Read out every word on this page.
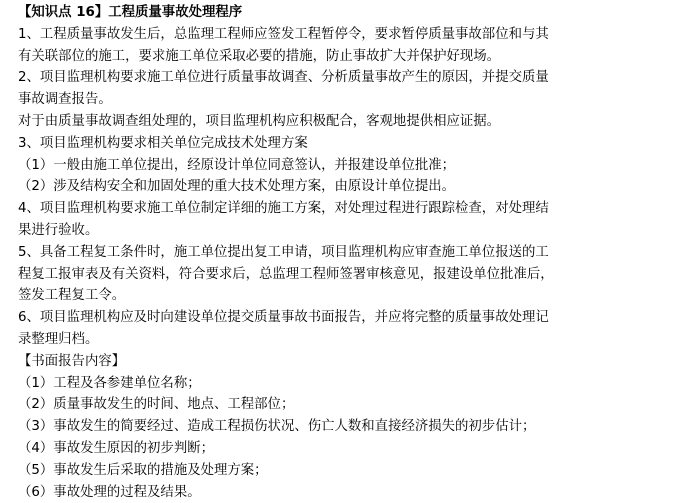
【知识点 16】工程质量事故处理程序
1、工程质量事故发生后，总监理工程师应签发工程暂停令，要求暂停质量事故部位和与其
有关联部位的施工，要求施工单位采取必要的措施，防止事故扩大并保护好现场。
2、项目监理机构要求施工单位进行质量事故调查、分析质量事故产生的原因，并提交质量
事故调查报告。
对于由质量事故调查组处理的，项目监理机构应积极配合，客观地提供相应证据。
3、项目监理机构要求相关单位完成技术处理方案
（1）一般由施工单位提出，经原设计单位同意签认，并报建设单位批准；
（2）涉及结构安全和加固处理的重大技术处理方案，由原设计单位提出。
4、项目监理机构要求施工单位制定详细的施工方案，对处理过程进行跟踪检查，对处理结
果进行验收。
5、具备工程复工条件时，施工单位提出复工申请，项目监理机构应审查施工单位报送的工
程复工报审表及有关资料，符合要求后，总监理工程师签署审核意见，报建设单位批准后，
签发工程复工令。
6、项目监理机构应及时向建设单位提交质量事故书面报告，并应将完整的质量事故处理记
录整理归档。
【书面报告内容】
（1）工程及各参建单位名称；
（2）质量事故发生的时间、地点、工程部位；
（3）事故发生的简要经过、造成工程损伤状况、伤亡人数和直接经济损失的初步估计；
（4）事故发生原因的初步判断；
（5）事故发生后采取的措施及处理方案；
（6）事故处理的过程及结果。
